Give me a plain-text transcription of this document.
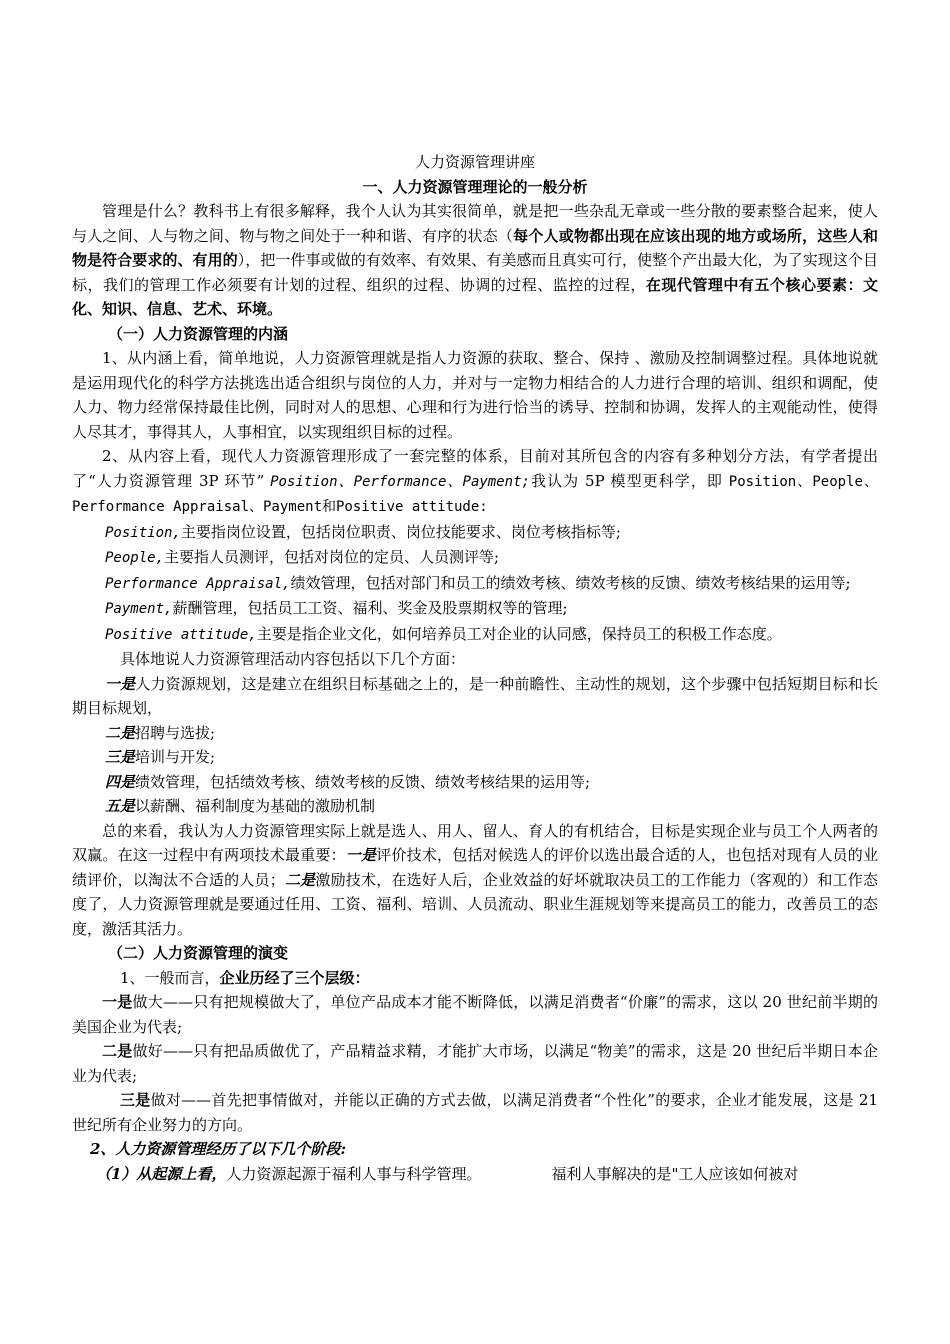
人力资源管理讲座

一、人力资源管理理论的一般分析

管理是什么？教科书上有很多解释，我个人认为其实很简单，就是把一些杂乱无章或一些分散的要素整合起来，使人与人之间、人与物之间、物与物之间处于一种和谐、有序的状态（每个人或物都出现在应该出现的地方或场所，这些人和物是符合要求的、有用的），把一件事或做的有效率、有效果、有美感而且真实可行，使整个产出最大化，为了实现这个目标，我们的管理工作必须要有计划的过程、组织的过程、协调的过程、监控的过程，在现代管理中有五个核心要素：文化、知识、信息、艺术、环境。

（一）人力资源管理的内涵

1、从内涵上看，简单地说，人力资源管理就是指人力资源的获取、整合、保持 、激励及控制调整过程。具体地说就是运用现代化的科学方法挑选出适合组织与岗位的人力，并对与一定物力相结合的人力进行合理的培训、组织和调配，使人力、物力经常保持最佳比例，同时对人的思想、心理和行为进行恰当的诱导、控制和协调，发挥人的主观能动性，使得人尽其才，事得其人，人事相宜，以实现组织目标的过程。

2、从内容上看，现代人力资源管理形成了一套完整的体系，目前对其所包含的内容有多种划分方法，有学者提出了“人力资源管理 3P 环节” Position、Performance、Payment;我认为 5P 模型更科学，即 Position、People、Performance Appraisal、Payment和Positive attitude:

Position,主要指岗位设置，包括岗位职责、岗位技能要求、岗位考核指标等;

People,主要指人员测评，包括对岗位的定员、人员测评等;

Performance Appraisal,绩效管理，包括对部门和员工的绩效考核、绩效考核的反馈、绩效考核结果的运用等;

Payment,薪酬管理，包括员工工资、福利、奖金及股票期权等的管理;

Positive attitude,主要是指企业文化，如何培养员工对企业的认同感，保持员工的积极工作态度。

具体地说人力资源管理活动内容包括以下几个方面：

一是人力资源规划，这是建立在组织目标基础之上的，是一种前瞻性、主动性的规划，这个步骤中包括短期目标和长期目标规划，

二是招聘与选拔;

三是培训与开发;

四是绩效管理，包括绩效考核、绩效考核的反馈、绩效考核结果的运用等;

五是以薪酬、福利制度为基础的激励机制

总的来看，我认为人力资源管理实际上就是选人、用人、留人、育人的有机结合，目标是实现企业与员工个人两者的双赢。在这一过程中有两项技术最重要：一是评价技术，包括对候选人的评价以选出最合适的人，也包括对现有人员的业绩评价，以淘汰不合适的人员；二是激励技术，在选好人后，企业效益的好坏就取决员工的工作能力（客观的）和工作态度了，人力资源管理就是要通过任用、工资、福利、培训、人员流动、职业生涯规划等来提高员工的能力，改善员工的态度，激活其活力。

（二）人力资源管理的演变

1、一般而言，企业历经了三个层级：

一是做大——只有把规模做大了，单位产品成本才能不断降低，以满足消费者“价廉”的需求，这以 20 世纪前半期的美国企业为代表;

二是做好——只有把品质做优了，产品精益求精，才能扩大市场，以满足“物美”的需求，这是 20 世纪后半期日本企业为代表;

三是做对——首先把事情做对，并能以正确的方式去做，以满足消费者“个性化”的要求，企业才能发展，这是 21 世纪所有企业努力的方向。

2、人力资源管理经历了以下几个阶段:

（1）从起源上看，人力资源起源于福利人事与科学管理。	福利人事解决的是"工人应该如何被对
